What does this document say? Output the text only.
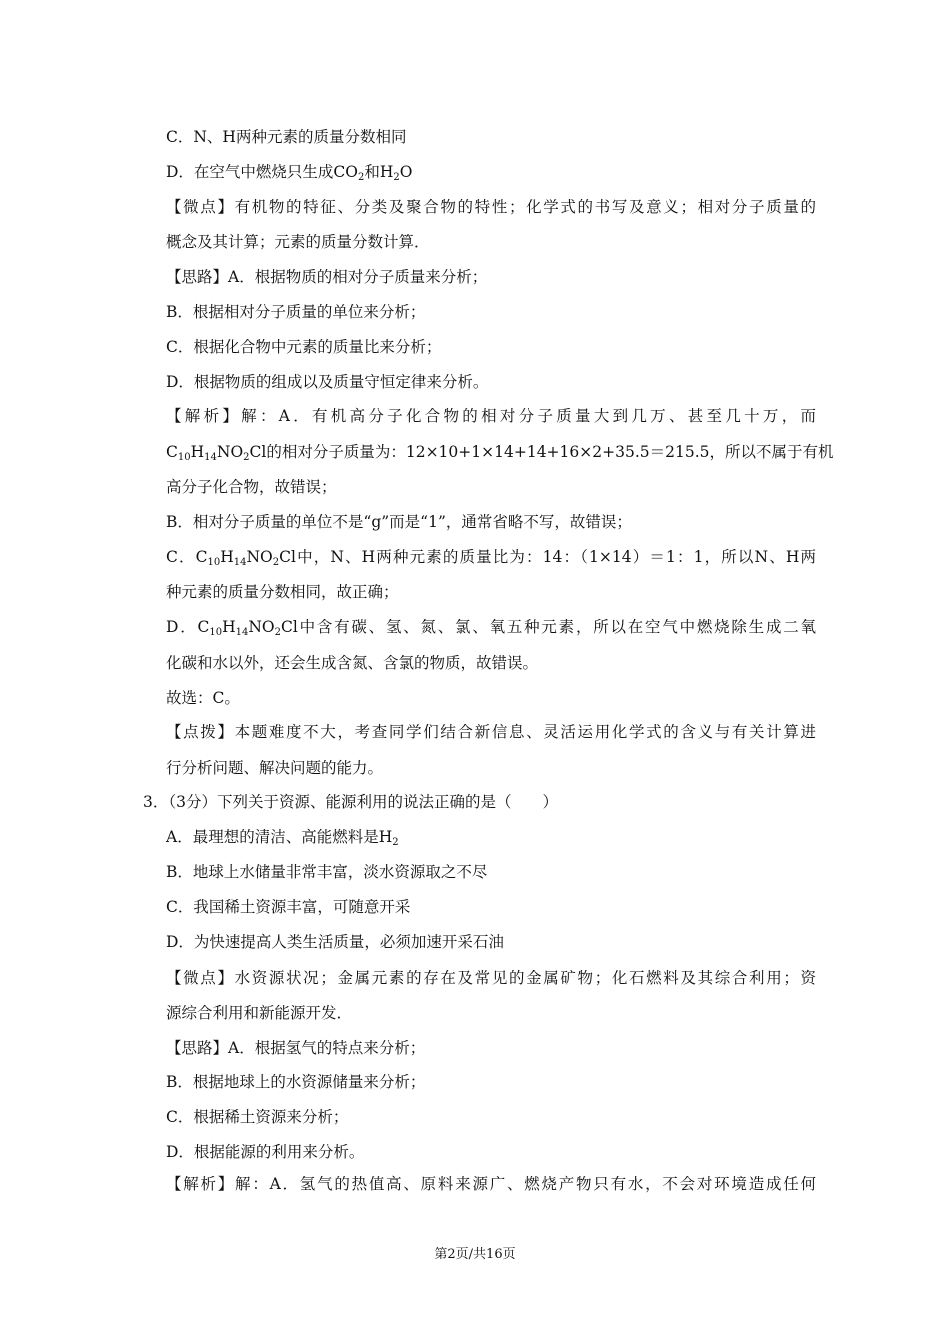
C．N、H两种元素的质量分数相同
D．在空气中燃烧只生成$CO_2$和$H_2O$
【微点】有机物的特征、分类及聚合物的特性；化学式的书写及意义；相对分子质量的
概念及其计算；元素的质量分数计算．
【思路】A．根据物质的相对分子质量来分析；
B．根据相对分子质量的单位来分析；
C．根据化合物中元素的质量比来分析；
D．根据物质的组成以及质量守恒定律来分析。
【解析】解：A．有机高分子化合物的相对分子质量大到几万、甚至几十万，而
$C_{10}H_{14}NO_2Cl$的相对分子质量为：12×10+1×14+14+16×2+35.5＝215.5，所以不属于有机
高分子化合物，故错误；
B．相对分子质量的单位不是“g”而是“1”，通常省略不写，故错误；
C．$C_{10}H_{14}NO_2Cl$中，N、H两种元素的质量比为：14：（1×14）＝1：1，所以N、H两
种元素的质量分数相同，故正确；
D．$C_{10}H_{14}NO_2Cl$中含有碳、氢、氮、氯、氧五种元素，所以在空气中燃烧除生成二氧
化碳和水以外，还会生成含氮、含氯的物质，故错误。
故选：C。
【点拨】本题难度不大，考查同学们结合新信息、灵活运用化学式的含义与有关计算进
行分析问题、解决问题的能力。
3．（3分）下列关于资源、能源利用的说法正确的是（　　）
A．最理想的清洁、高能燃料是$H_2$
B．地球上水储量非常丰富，淡水资源取之不尽
C．我国稀土资源丰富，可随意开采
D．为快速提高人类生活质量，必须加速开采石油
【微点】水资源状况；金属元素的存在及常见的金属矿物；化石燃料及其综合利用；资
源综合利用和新能源开发．
【思路】A．根据氢气的特点来分析；
B．根据地球上的水资源储量来分析；
C．根据稀土资源来分析；
D．根据能源的利用来分析。
【解析】解：A．氢气的热值高、原料来源广、燃烧产物只有水，不会对环境造成任何
第2页/共16页
